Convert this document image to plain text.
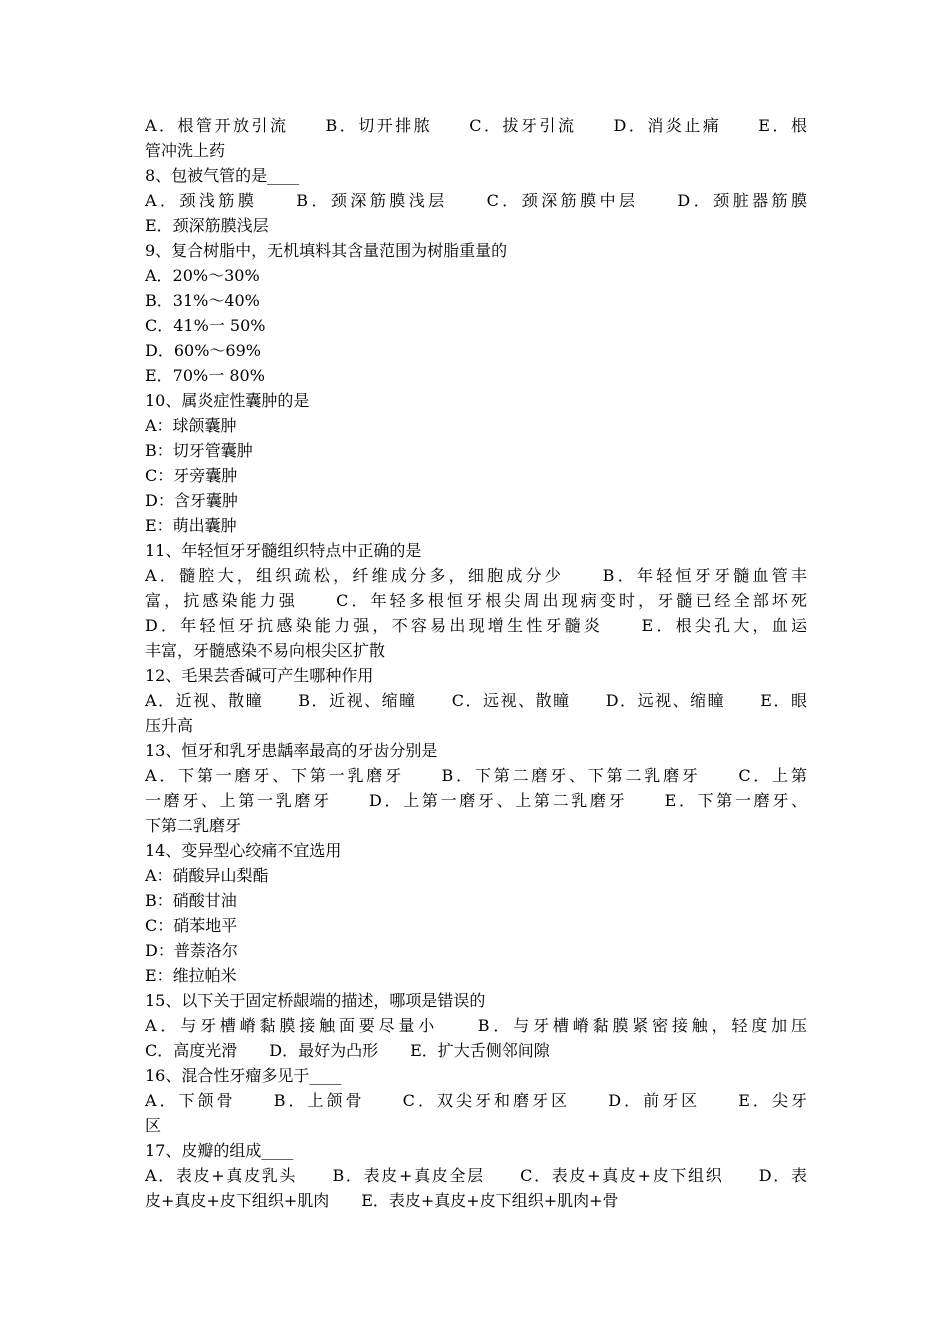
A．根管开放引流　　B．切开排脓　　C．拔牙引流　　D．消炎止痛　　E．根
管冲洗上药
8、包被气管的是____
A．颈浅筋膜　　B．颈深筋膜浅层　　C．颈深筋膜中层　　D．颈脏器筋膜
E．颈深筋膜浅层
9、复合树脂中，无机填料其含量范围为树脂重量的
A．20%～30%
B．31%～40%
C．41%一 50%
D．60%～69%
E．70%一 80%
10、属炎症性囊肿的是
A：球颌囊肿
B：切牙管囊肿
C：牙旁囊肿
D：含牙囊肿
E：萌出囊肿
11、年轻恒牙牙髓组织特点中正确的是
A．髓腔大，组织疏松，纤维成分多，细胞成分少　　B．年轻恒牙牙髓血管丰
富，抗感染能力强　　C．年轻多根恒牙根尖周出现病变时，牙髓已经全部坏死
D．年轻恒牙抗感染能力强，不容易出现增生性牙髓炎　　E．根尖孔大，血运
丰富，牙髓感染不易向根尖区扩散
12、毛果芸香碱可产生哪种作用
A．近视、散瞳　　B．近视、缩瞳　　C．远视、散瞳　　D．远视、缩瞳　　E．眼
压升高
13、恒牙和乳牙患龋率最高的牙齿分别是
A．下第一磨牙、下第一乳磨牙　　B．下第二磨牙、下第二乳磨牙　　C．上第
一磨牙、上第一乳磨牙　　D．上第一磨牙、上第二乳磨牙　　E．下第一磨牙、
下第二乳磨牙
14、变异型心绞痛不宜选用
A：硝酸异山梨酯
B：硝酸甘油
C：硝苯地平
D：普萘洛尔
E：维拉帕米
15、以下关于固定桥龈端的描述，哪项是错误的
A．与牙槽嵴黏膜接触面要尽量小　　B．与牙槽嵴黏膜紧密接触，轻度加压
C．高度光滑　　D．最好为凸形　　E．扩大舌侧邻间隙
16、混合性牙瘤多见于____
A．下颌骨　　B．上颌骨　　C．双尖牙和磨牙区　　D．前牙区　　E．尖牙
区
17、皮瓣的组成____
A．表皮+真皮乳头　　B．表皮+真皮全层　　C．表皮+真皮+皮下组织　　D．表
皮+真皮+皮下组织+肌肉　　E．表皮+真皮+皮下组织+肌肉+骨
